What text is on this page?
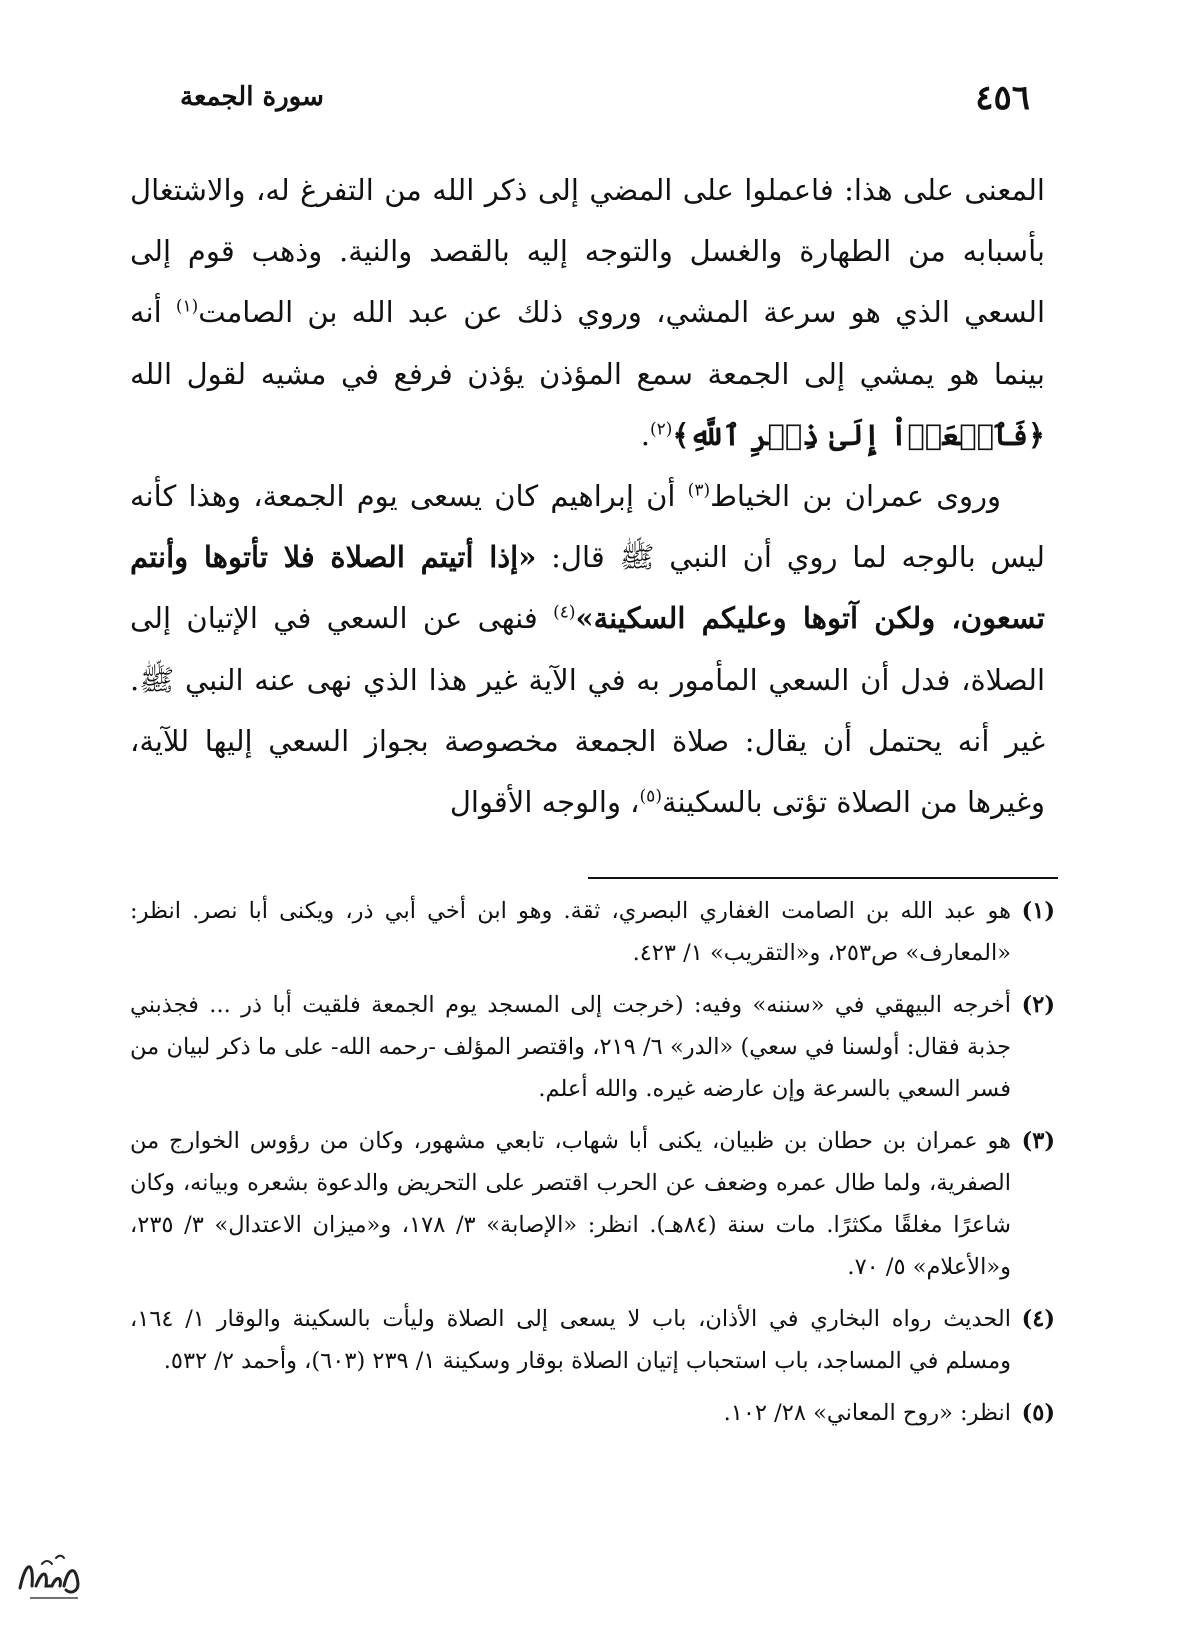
٤٥٦
سورة الجمعة

المعنى على هذا: فاعملوا على المضي إلى ذكر الله من التفرغ له، والاشتغال بأسبابه من الطهارة والغسل والتوجه إليه بالقصد والنية. وذهب قوم إلى السعي الذي هو سرعة المشي، وروي ذلك عن عبد الله بن الصامت$^{(١)}$ أنه بينما هو يمشي إلى الجمعة سمع المؤذن يؤذن فرفع في مشيه لقول الله ﴿فَٱسۡعَوۡاْ إِلَىٰ ذِكۡرِ ٱللَّهِ﴾$^{(٢)}$.

وروى عمران بن الخياط$^{(٣)}$ أن إبراهيم كان يسعى يوم الجمعة، وهذا كأنه ليس بالوجه لما روي أن النبي ﷺ قال: «إذا أتيتم الصلاة فلا تأتوها وأنتم تسعون، ولكن آتوها وعليكم السكينة»$^{(٤)}$ فنهى عن السعي في الإتيان إلى الصلاة، فدل أن السعي المأمور به في الآية غير هذا الذي نهى عنه النبي ﷺ. غير أنه يحتمل أن يقال: صلاة الجمعة مخصوصة بجواز السعي إليها للآية، وغيرها من الصلاة تؤتى بالسكينة$^{(٥)}$، والوجه الأقوال

(١)
هو عبد الله بن الصامت الغفاري البصري، ثقة. وهو ابن أخي أبي ذر، ويكنى أبا نصر. انظر: «المعارف» ص٢٥٣، و«التقريب» ١/ ٤٢٣.
(٢)
أخرجه البيهقي في «سننه» وفيه: (خرجت إلى المسجد يوم الجمعة فلقيت أبا ذر ... فجذبني جذبة فقال: أولسنا في سعي) «الدر» ٦/ ٢١٩، واقتصر المؤلف -رحمه الله- على ما ذكر لبيان من فسر السعي بالسرعة وإن عارضه غيره. والله أعلم.
(٣)
هو عمران بن حطان بن ظبيان، يكنى أبا شهاب، تابعي مشهور، وكان من رؤوس الخوارج من الصفرية، ولما طال عمره وضعف عن الحرب اقتصر على التحريض والدعوة بشعره وبيانه، وكان شاعرًا مغلقًا مكثرًا. مات سنة (٨٤هـ). انظر: «الإصابة» ٣/ ١٧٨، و«ميزان الاعتدال» ٣/ ٢٣٥، و«الأعلام» ٥/ ٧٠.
(٤)
الحديث رواه البخاري في الأذان، باب لا يسعى إلى الصلاة وليأت بالسكينة والوقار ١/ ١٦٤، ومسلم في المساجد، باب استحباب إتيان الصلاة بوقار وسكينة ١/ ٢٣٩ (٦٠٣)، وأحمد ٢/ ٥٣٢.
(٥)
انظر: «روح المعاني» ٢٨/ ١٠٢.
